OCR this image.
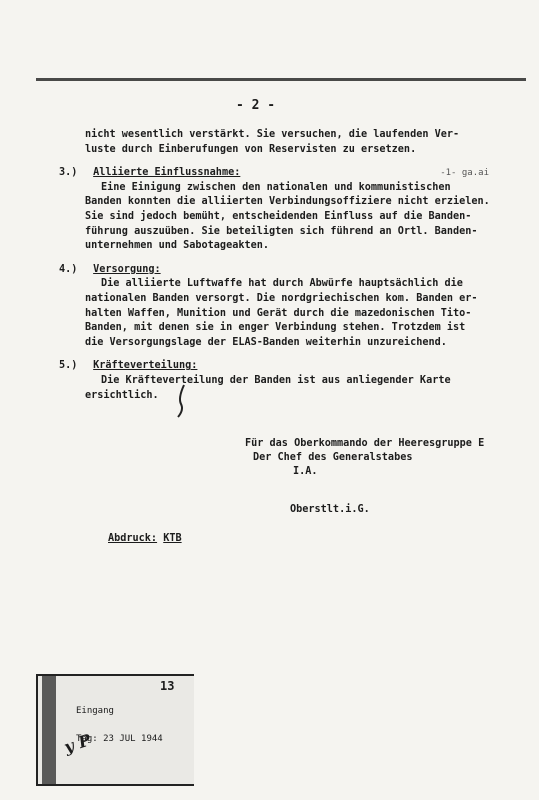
- 2 -
nicht wesentlich verstärkt. Sie versuchen, die laufenden Ver-
luste durch Einberufungen von Reservisten zu ersetzen.
3.) Alliierte Einflussnahme:	-1- ga.ai
Eine Einigung zwischen den nationalen und kommunistischen
Banden konnten die alliierten Verbindungsoffiziere nicht erzielen.
Sie sind jedoch bemüht, entscheidenden Einfluss auf die Banden-
führung auszuüben. Sie beteiligten sich führend an Ortl. Banden-
unternehmen und Sabotageakten.
4.) Versorgung:
Die alliierte Luftwaffe hat durch Abwürfe hauptsächlich die
nationalen Banden versorgt. Die nordgriechischen kom. Banden er-
halten Waffen, Munition und Gerät durch die mazedonischen Tito-
Banden, mit denen sie in enger Verbindung stehen. Trotzdem ist
die Versorgungslage der ELAS-Banden weiterhin unzureichend.
5.) Kräfteverteilung:
Die Kräfteverteilung der Banden ist aus anliegender Karte
ersichtlich.
Für das Oberkommando der Heeresgruppe E
Der Chef des Generalstabes
I.A.
Oberstlt.i.G.
Abdruck: KTB
13
Eingang
Tag: 23 JUL 1944
y P
